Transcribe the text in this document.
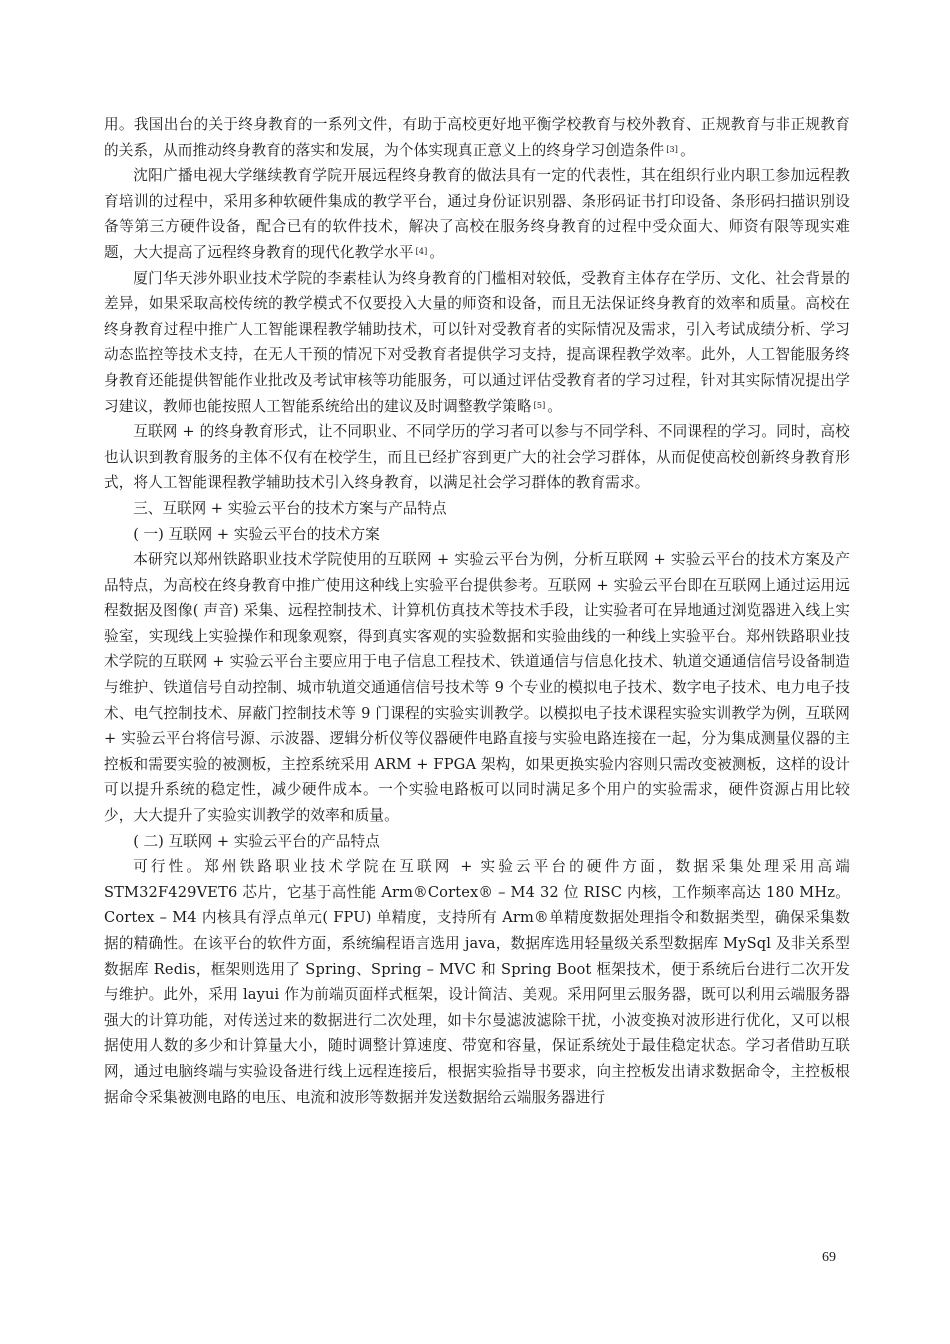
用。我国出台的关于终身教育的一系列文件，有助于高校更好地平衡学校教育与校外教育、正规教育与非正规教育的关系，从而推动终身教育的落实和发展，为个体实现真正意义上的终身学习创造条件 [3] 。

沈阳广播电视大学继续教育学院开展远程终身教育的做法具有一定的代表性，其在组织行业内职工参加远程教育培训的过程中，采用多种软硬件集成的教学平台，通过身份证识别器、条形码证书打印设备、条形码扫描识别设备等第三方硬件设备，配合已有的软件技术，解决了高校在服务终身教育的过程中受众面大、师资有限等现实难题，大大提高了远程终身教育的现代化教学水平 [4] 。

厦门华天涉外职业技术学院的李素桂认为终身教育的门槛相对较低，受教育主体存在学历、文化、社会背景的差异，如果采取高校传统的教学模式不仅要投入大量的师资和设备，而且无法保证终身教育的效率和质量。高校在终身教育过程中推广人工智能课程教学辅助技术，可以针对受教育者的实际情况及需求，引入考试成绩分析、学习动态监控等技术支持，在无人干预的情况下对受教育者提供学习支持，提高课程教学效率。此外，人工智能服务终身教育还能提供智能作业批改及考试审核等功能服务，可以通过评估受教育者的学习过程，针对其实际情况提出学习建议，教师也能按照人工智能系统给出的建议及时调整教学策略 [5] 。

互联网 + 的终身教育形式，让不同职业、不同学历的学习者可以参与不同学科、不同课程的学习。同时，高校也认识到教育服务的主体不仅有在校学生，而且已经扩容到更广大的社会学习群体，从而促使高校创新终身教育形式，将人工智能课程教学辅助技术引入终身教育，以满足社会学习群体的教育需求。

三、互联网 + 实验云平台的技术方案与产品特点

( 一) 互联网 + 实验云平台的技术方案

本研究以郑州铁路职业技术学院使用的互联网 + 实验云平台为例，分析互联网 + 实验云平台的技术方案及产品特点，为高校在终身教育中推广使用这种线上实验平台提供参考。互联网 + 实验云平台即在互联网上通过运用远程数据及图像( 声音) 采集、远程控制技术、计算机仿真技术等技术手段，让实验者可在异地通过浏览器进入线上实验室，实现线上实验操作和现象观察，得到真实客观的实验数据和实验曲线的一种线上实验平台。郑州铁路职业技术学院的互联网 + 实验云平台主要应用于电子信息工程技术、铁道通信与信息化技术、轨道交通通信信号设备制造与维护、铁道信号自动控制、城市轨道交通通信信号技术等 9 个专业的模拟电子技术、数字电子技术、电力电子技术、电气控制技术、屏蔽门控制技术等 9 门课程的实验实训教学。以模拟电子技术课程实验实训教学为例，互联网 + 实验云平台将信号源、示波器、逻辑分析仪等仪器硬件电路直接与实验电路连接在一起，分为集成测量仪器的主控板和需要实验的被测板，主控系统采用 ARM + FPGA 架构，如果更换实验内容则只需改变被测板，这样的设计可以提升系统的稳定性，减少硬件成本。一个实验电路板可以同时满足多个用户的实验需求，硬件资源占用比较少，大大提升了实验实训教学的效率和质量。

( 二) 互联网 + 实验云平台的产品特点

可行性。郑州铁路职业技术学院在互联网 + 实验云平台的硬件方面，数据采集处理采用高端 STM32F429VET6 芯片，它基于高性能 Arm®Cortex® – M4 32 位 RISC 内核，工作频率高达 180 MHz。Cortex – M4 内核具有浮点单元( FPU) 单精度，支持所有 Arm®单精度数据处理指令和数据类型，确保采集数据的精确性。在该平台的软件方面，系统编程语言选用 java，数据库选用轻量级关系型数据库 MySql 及非关系型数据库 Redis，框架则选用了 Spring、Spring – MVC 和 Spring Boot 框架技术，便于系统后台进行二次开发与维护。此外，采用 layui 作为前端页面样式框架，设计简洁、美观。采用阿里云服务器，既可以利用云端服务器强大的计算功能，对传送过来的数据进行二次处理，如卡尔曼滤波滤除干扰，小波变换对波形进行优化，又可以根据使用人数的多少和计算量大小，随时调整计算速度、带宽和容量，保证系统处于最佳稳定状态。学习者借助互联网，通过电脑终端与实验设备进行线上远程连接后，根据实验指导书要求，向主控板发出请求数据命令，主控板根据命令采集被测电路的电压、电流和波形等数据并发送数据给云端服务器进行

69
